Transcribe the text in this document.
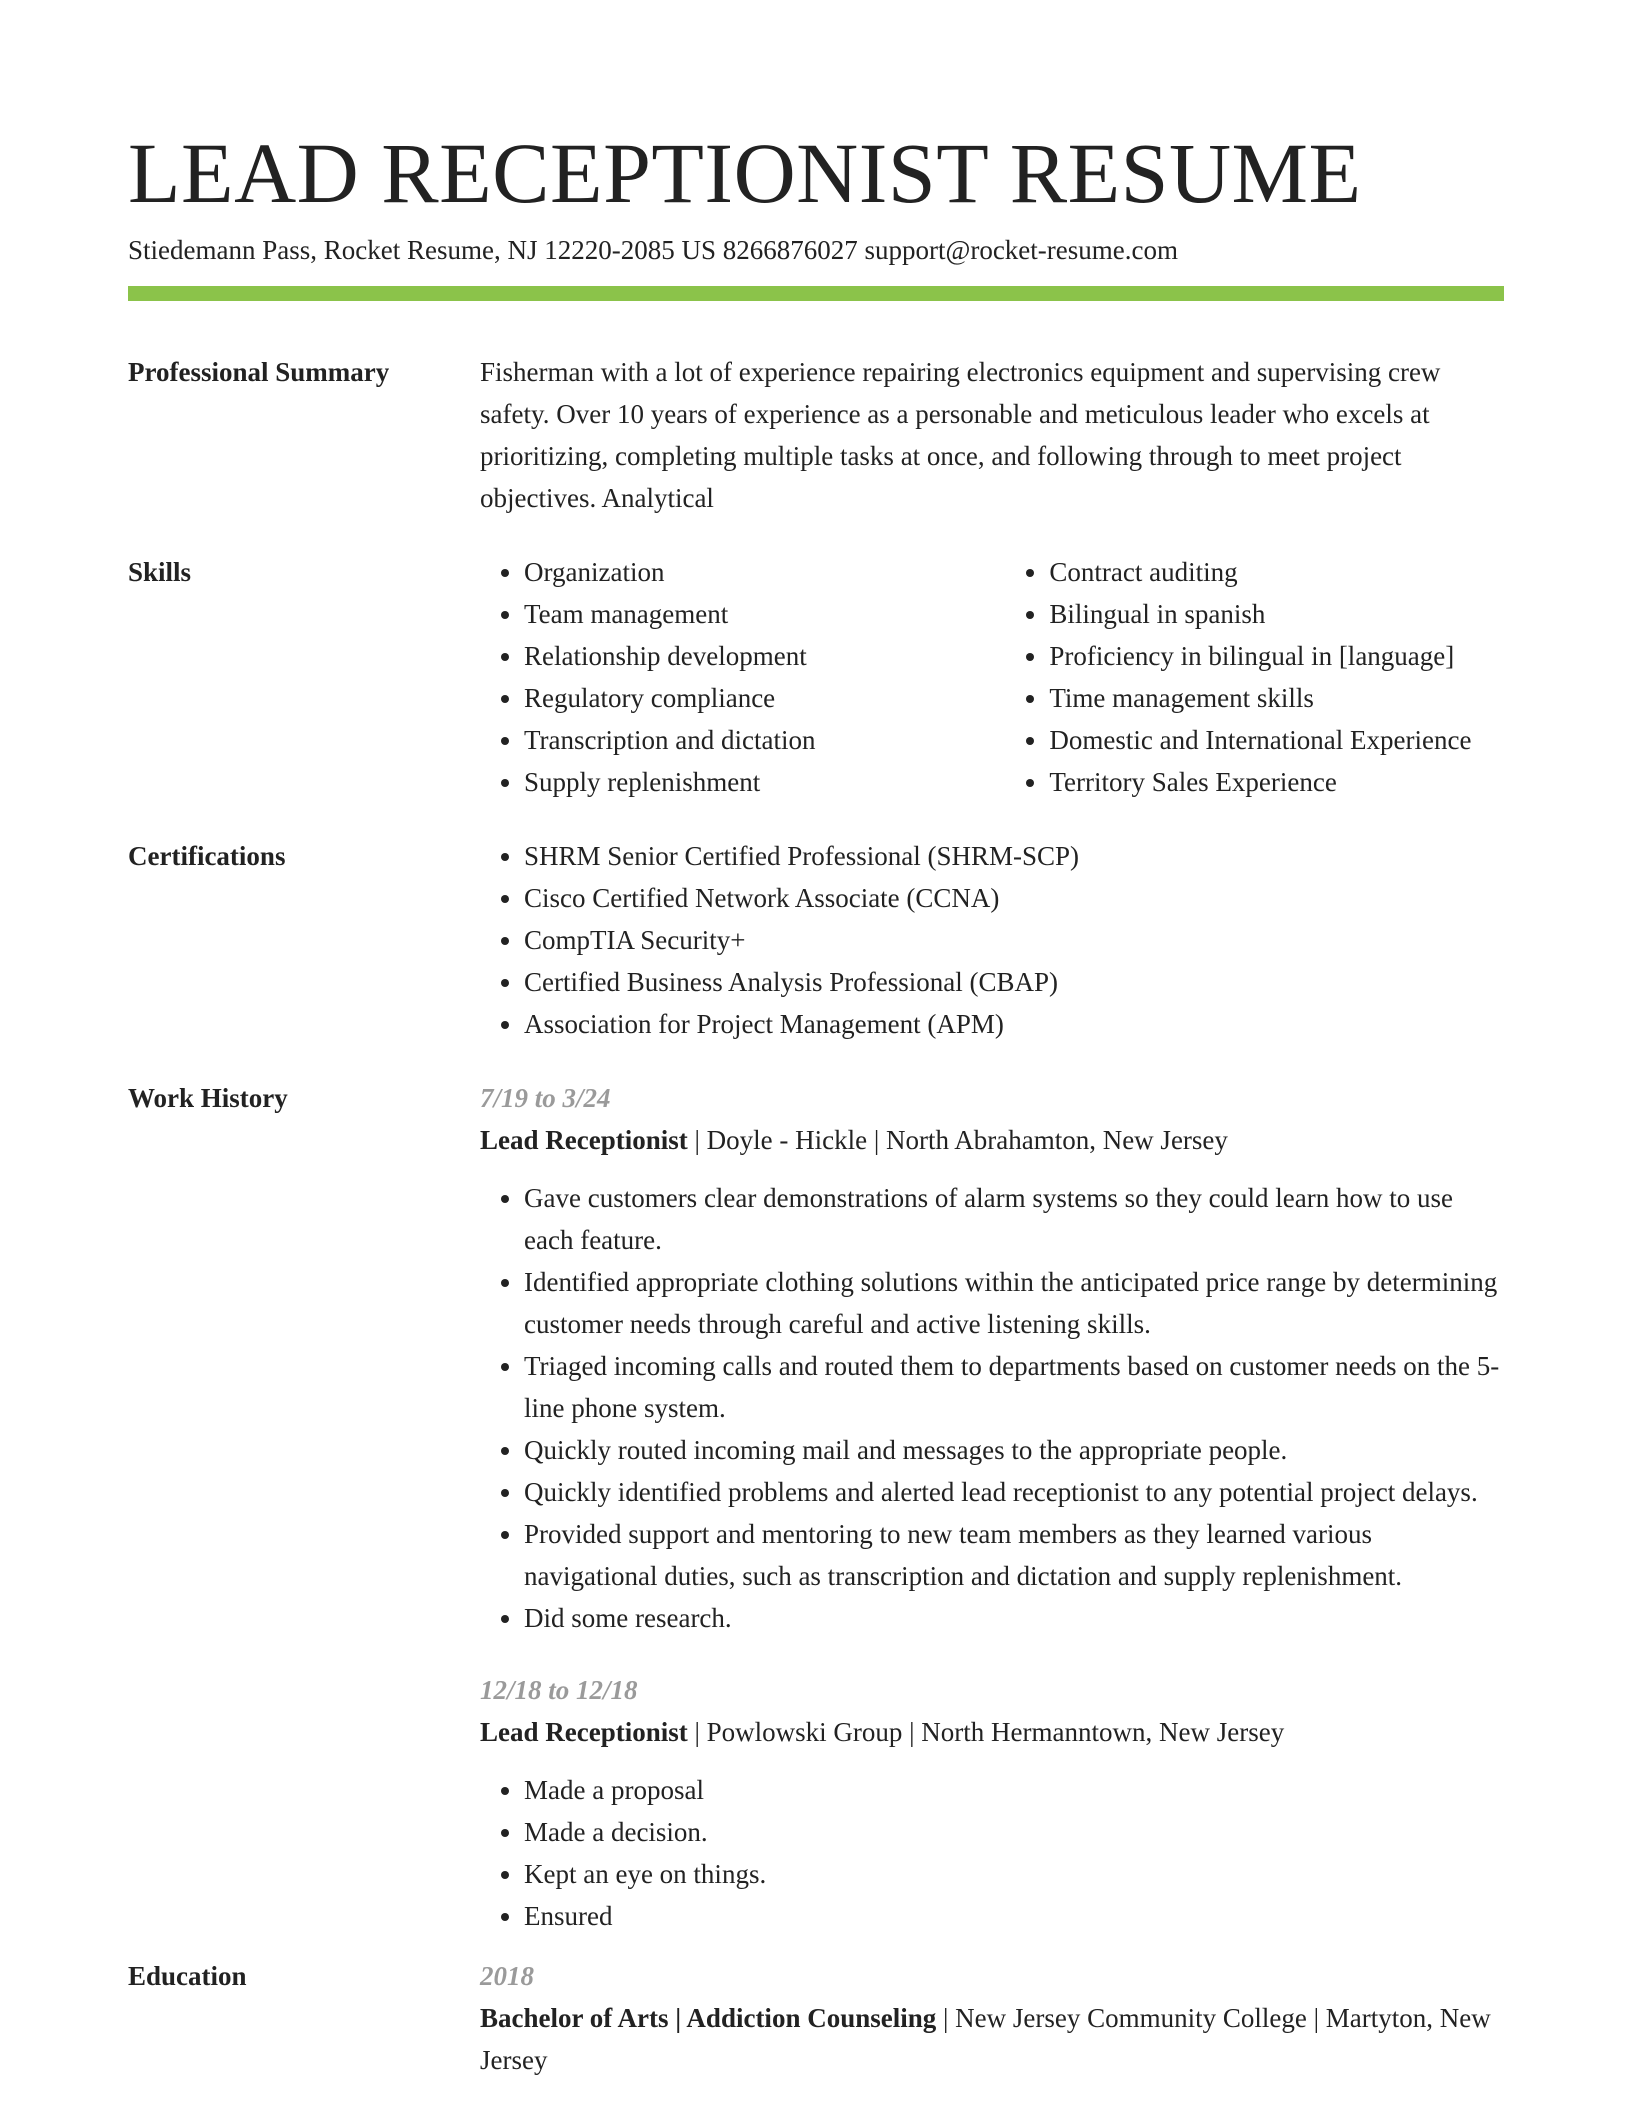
LEAD RECEPTIONIST RESUME
Stiedemann Pass, Rocket Resume, NJ 12220-2085 US 8266876027 support@rocket-resume.com
Professional Summary	Fisherman with a lot of experience repairing electronics equipment and supervising crew safety. Over 10 years of experience as a personable and meticulous leader who excels at prioritizing, completing multiple tasks at once, and following through to meet project objectives. Analytical

Skills	• Organization
• Team management
• Relationship development
• Regulatory compliance
• Transcription and dictation
• Supply replenishment
• Contract auditing
• Bilingual in spanish
• Proficiency in bilingual in [language]
• Time management skills
• Domestic and International Experience
• Territory Sales Experience
Certifications	• SHRM Senior Certified Professional (SHRM-SCP)
• Cisco Certified Network Associate (CCNA)
• CompTIA Security+
• Certified Business Analysis Professional (CBAP)
• Association for Project Management (APM)
Work History	7/19 to 3/24
Lead Receptionist | Doyle - Hickle | North Abrahamton, New Jersey
• Gave customers clear demonstrations of alarm systems so they could learn how to use each feature.
• Identified appropriate clothing solutions within the anticipated price range by determining customer needs through careful and active listening skills.
• Triaged incoming calls and routed them to departments based on customer needs on the 5-line phone system.
• Quickly routed incoming mail and messages to the appropriate people.
• Quickly identified problems and alerted lead receptionist to any potential project delays.
• Provided support and mentoring to new team members as they learned various navigational duties, such as transcription and dictation and supply replenishment.
• Did some research.
12/18 to 12/18
Lead Receptionist | Powlowski Group | North Hermanntown, New Jersey
• Made a proposal
• Made a decision.
• Kept an eye on things.
• Ensured
Education	2018
Bachelor of Arts | Addiction Counseling | New Jersey Community College | Martyton, New Jersey
